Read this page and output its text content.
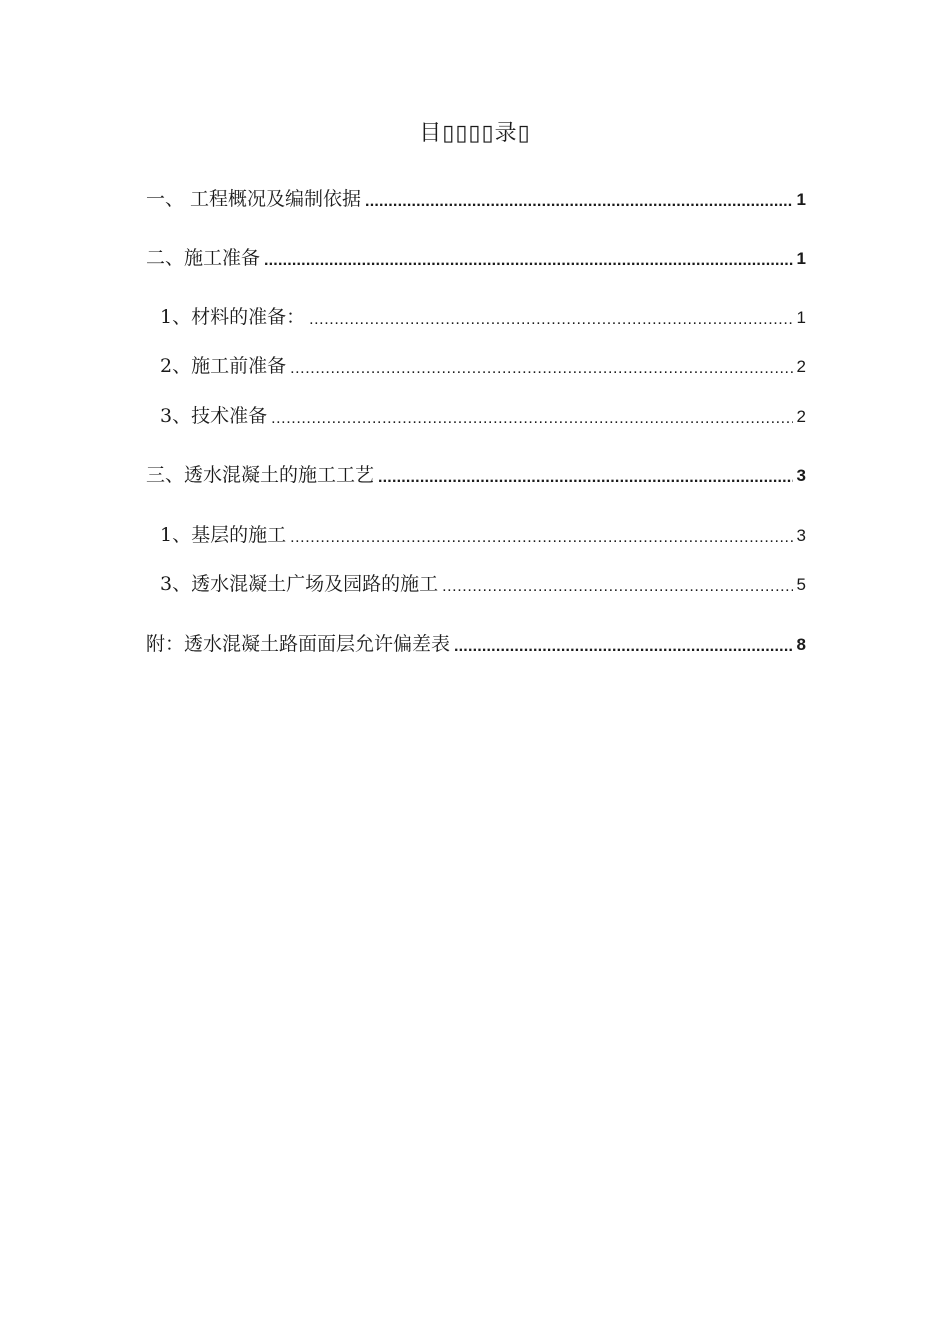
目▯▯▯▯录▯
一、 工程概况及编制依据 .....	1
二、施工准备 .....	1
1、材料的准备： .....	1
2、施工前准备 .....	2
3、技术准备 .....	2
三、透水混凝土的施工工艺 .....	3
1、基层的施工 .....	3
3、透水混凝土广场及园路的施工 .....	5
附：透水混凝土路面面层允许偏差表 .....	8
